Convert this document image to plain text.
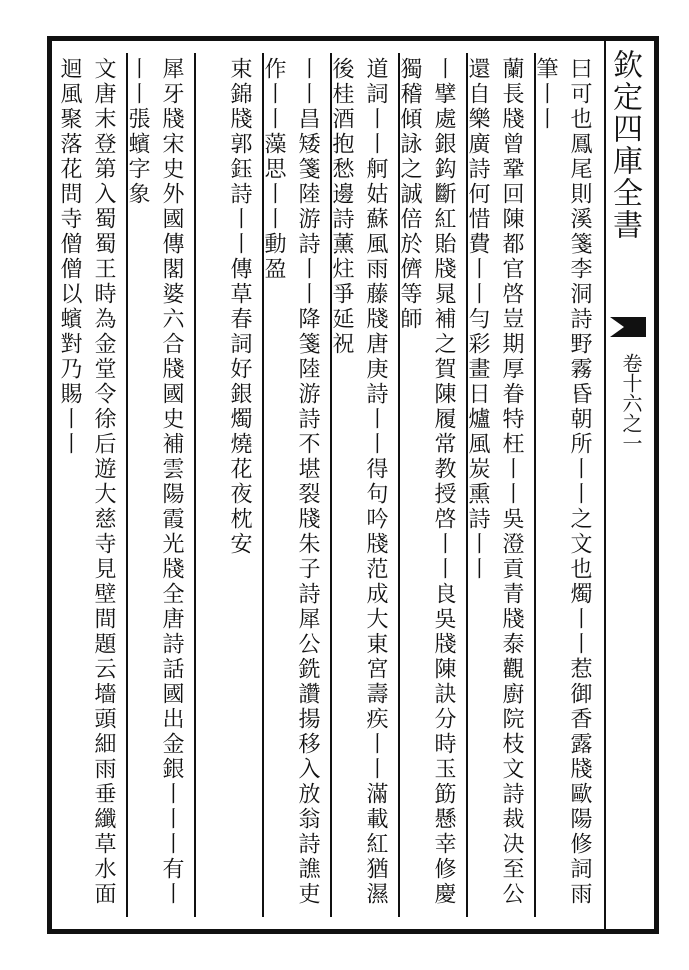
欽定四庫全書
卷十六之一
曰可也鳳尾則溪箋李洞詩野霧昏朝所丨丨之文也燭丨丨惹御香露牋歐陽修詞雨筆丨丨
蘭長牋曾鞏回陳都官啓豈期厚眷特枉丨丨吳澄貢青牋泰觀廚院枝文詩裁决至公還自樂廣詩何惜費丨丨勻彩畫日爐風炭熏詩丨丨
丨擘處銀鈎斷紅貽牋晁補之賀陳履常教授啓丨丨良吳牋陳訣分時玉筯懸幸修慶獨稽傾詠之誠倍於儕等師
道詞丨丨舸姑蘇風雨藤牋唐庚詩丨丨得句吟牋范成大東宮壽疾丨丨滿載紅猶濕後桂酒抱愁邊詩薰炷爭延祝
丨丨昌矮箋陸游詩丨丨降箋陸游詩不堪裂牋朱子詩犀公銑讚揚移入放翁詩譙吏作丨丨藻思丨丨動盈
束錦牋郭鈺詩丨丨傳草春詞好銀燭燒花夜枕安
犀牙牋宋史外國傳閣婆六合牋國史補雲陽霞光牋全唐詩話國出金銀丨丨丨有丨丨丨張蠙字象
文唐末登第入蜀蜀王時為金堂令徐后遊大慈寺見壁間題云墻頭細雨垂纖草水面迴風聚落花問寺僧僧以蠙對乃賜丨丨
